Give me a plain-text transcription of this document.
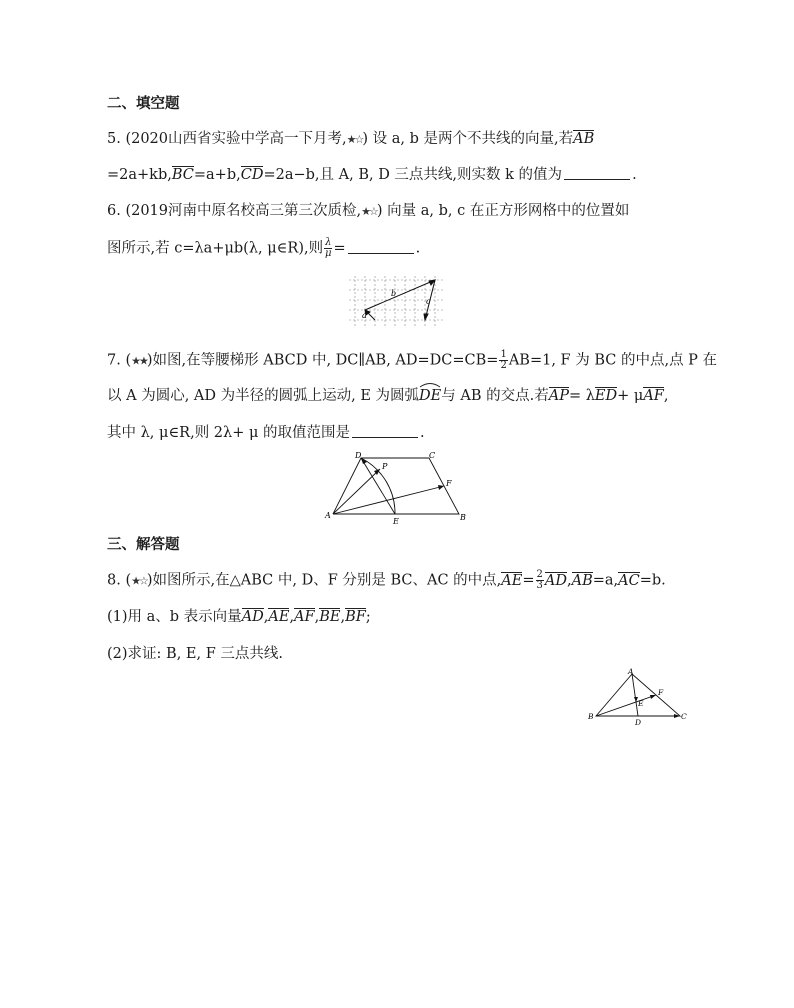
二、填空题
5. (2020山西省实验中学高一下月考,★☆) 设 a, b 是两个不共线的向量,若AB
=2a+kb,BC=a+b,CD=2a−b,且 A, B, D 三点共线,则实数 k 的值为	.
6. (2019河南中原名校高三第三次质检,★☆) 向量 a, b, c 在正方形网格中的位置如
图所示,若 c=λa+μb(λ, μ∈R),则 $\frac{\lambda}{\mu}$ =	.
a
b
c
7. (★★)如图,在等腰梯形 ABCD 中, DC∥AB, $AD=DC=CB= \frac{1}{2} AB=1$, F 为 BC 的中点,点 P 在
以 A 为圆心, AD 为半径的圆弧上运动, E 为圆弧
DE与 AB 的交点.若AP= λED+ μAF,
其中 λ, μ∈R,则 2λ+ μ 的取值范围是	.
D	C
A	B
E
F
P
三、解答题
8. (★☆)如图所示,在△ABC 中, D、F 分别是 BC、AC 的中点$,AE= \frac{2}{3} AD,AB=a,AC=b$.
(1)用 a、b 表示向量AD,AE,AF,BE,BF;
(2)求证: B, E, F 三点共线.
A
B	C
D
E
F
